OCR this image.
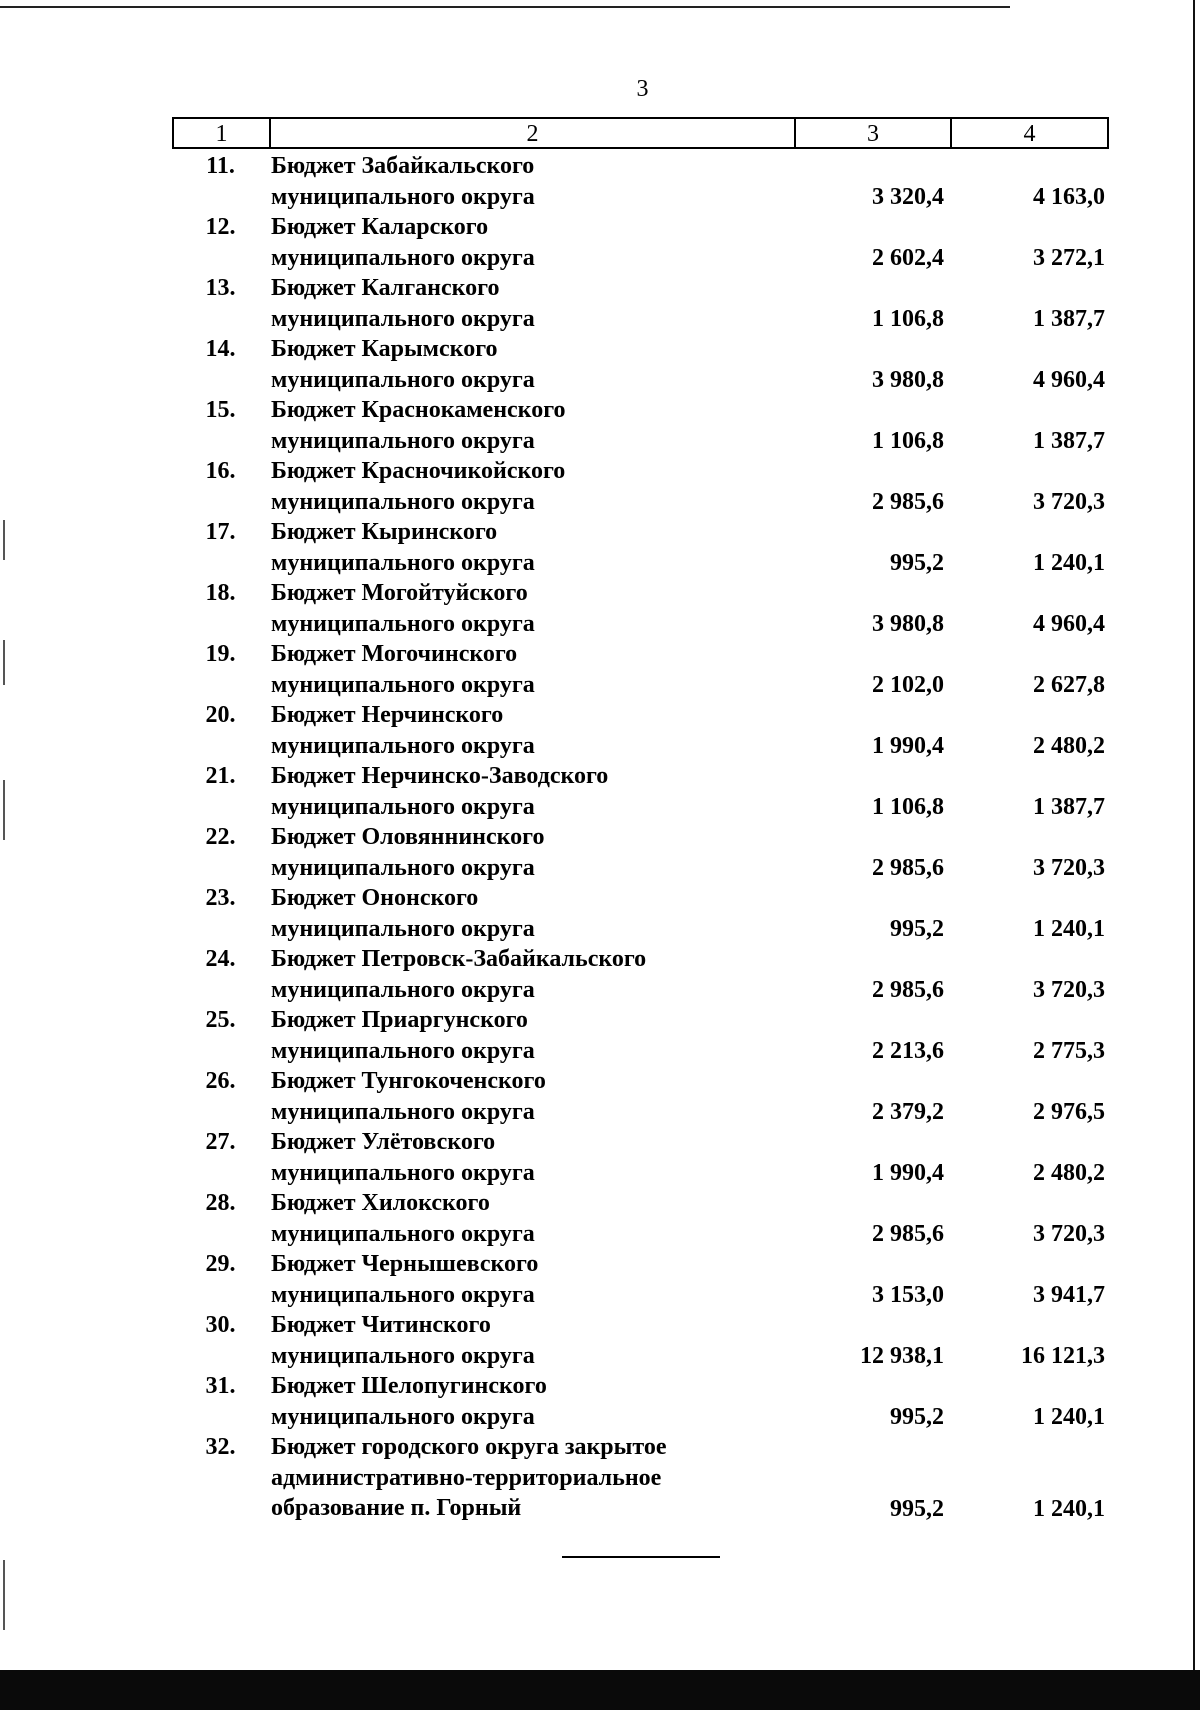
3
1	2	3	4
11.	Бюджет Забайкальского
муниципального округа	3 320,4	4 163,0
12.	Бюджет Каларского
муниципального округа	2 602,4	3 272,1
13.	Бюджет Калганского
муниципального округа	1 106,8	1 387,7
14.	Бюджет Карымского
муниципального округа	3 980,8	4 960,4
15.	Бюджет Краснокаменского
муниципального округа	1 106,8	1 387,7
16.	Бюджет Красночикойского
муниципального округа	2 985,6	3 720,3
17.	Бюджет Кыринского
муниципального округа	995,2	1 240,1
18.	Бюджет Могойтуйского
муниципального округа	3 980,8	4 960,4
19.	Бюджет Могочинского
муниципального округа	2 102,0	2 627,8
20.	Бюджет Нерчинского
муниципального округа	1 990,4	2 480,2
21.	Бюджет Нерчинско-Заводского
муниципального округа	1 106,8	1 387,7
22.	Бюджет Оловяннинского
муниципального округа	2 985,6	3 720,3
23.	Бюджет Ононского
муниципального округа	995,2	1 240,1
24.	Бюджет Петровск-Забайкальского
муниципального округа	2 985,6	3 720,3
25.	Бюджет Приаргунского
муниципального округа	2 213,6	2 775,3
26.	Бюджет Тунгокоченского
муниципального округа	2 379,2	2 976,5
27.	Бюджет Улётовского
муниципального округа	1 990,4	2 480,2
28.	Бюджет Хилокского
муниципального округа	2 985,6	3 720,3
29.	Бюджет Чернышевского
муниципального округа	3 153,0	3 941,7
30.	Бюджет Читинского
муниципального округа	12 938,1	16 121,3
31.	Бюджет Шелопугинского
муниципального округа	995,2	1 240,1
32.	Бюджет городского округа закрытое
административно-территориальное
образование п. Горный	995,2	1 240,1
